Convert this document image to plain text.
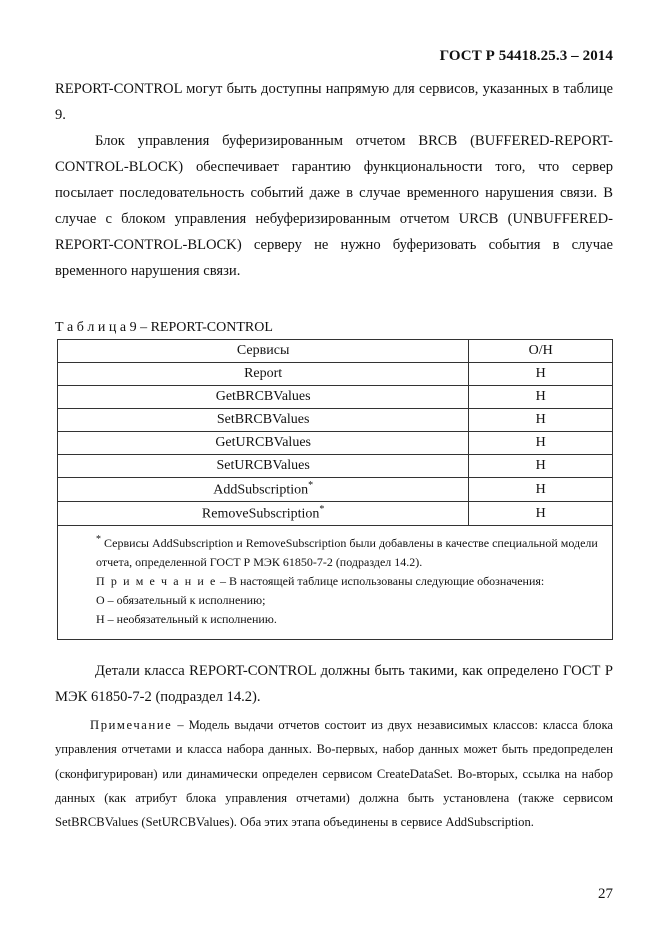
ГОСТ Р 54418.25.3 – 2014
REPORT-CONTROL могут быть доступны напрямую для сервисов, указанных в таблице 9.
Блок управления буферизированным отчетом BRCB (BUFFERED-REPORT-CONTROL-BLOCK) обеспечивает гарантию функциональности того, что сервер посылает последовательность событий даже в случае временного нарушения связи. В случае с блоком управления небуферизированным отчетом URCB (UNBUFFERED-REPORT-CONTROL-BLOCK) серверу не нужно буферизовать события в случае временного нарушения связи.
Т а б л и ц а 9 – REPORT-CONTROL
Сервисы	О/Н
Report	Н
GetBRCBValues	Н
SetBRCBValues	Н
GetURCBValues	Н
SetURCBValues	Н
AddSubscription*	Н
RemoveSubscription*	Н

* Сервисы AddSubscription и RemoveSubscription были добавлены в качестве специальной модели отчета, определенной ГОСТ Р МЭК 61850-7-2 (подраздел 14.2).
П р и м е ч а н и е – В настоящей таблице использованы следующие обозначения:
О – обязательный к исполнению;
Н – необязательный к исполнению.	
Детали класса REPORT-CONTROL должны быть такими, как определено ГОСТ Р МЭК 61850-7-2 (подраздел 14.2).
Примечание – Модель выдачи отчетов состоит из двух независимых классов: класса блока управления отчетами и класса набора данных. Во-первых, набор данных может быть предопределен (сконфигурирован) или динамически определен сервисом CreateDataSet. Во-вторых, ссылка на набор данных (как атрибут блока управления отчетами) должна быть установлена (также сервисом SetBRCBValues (SetURCBValues). Оба этих этапа объединены в сервисе AddSubscription.
27
